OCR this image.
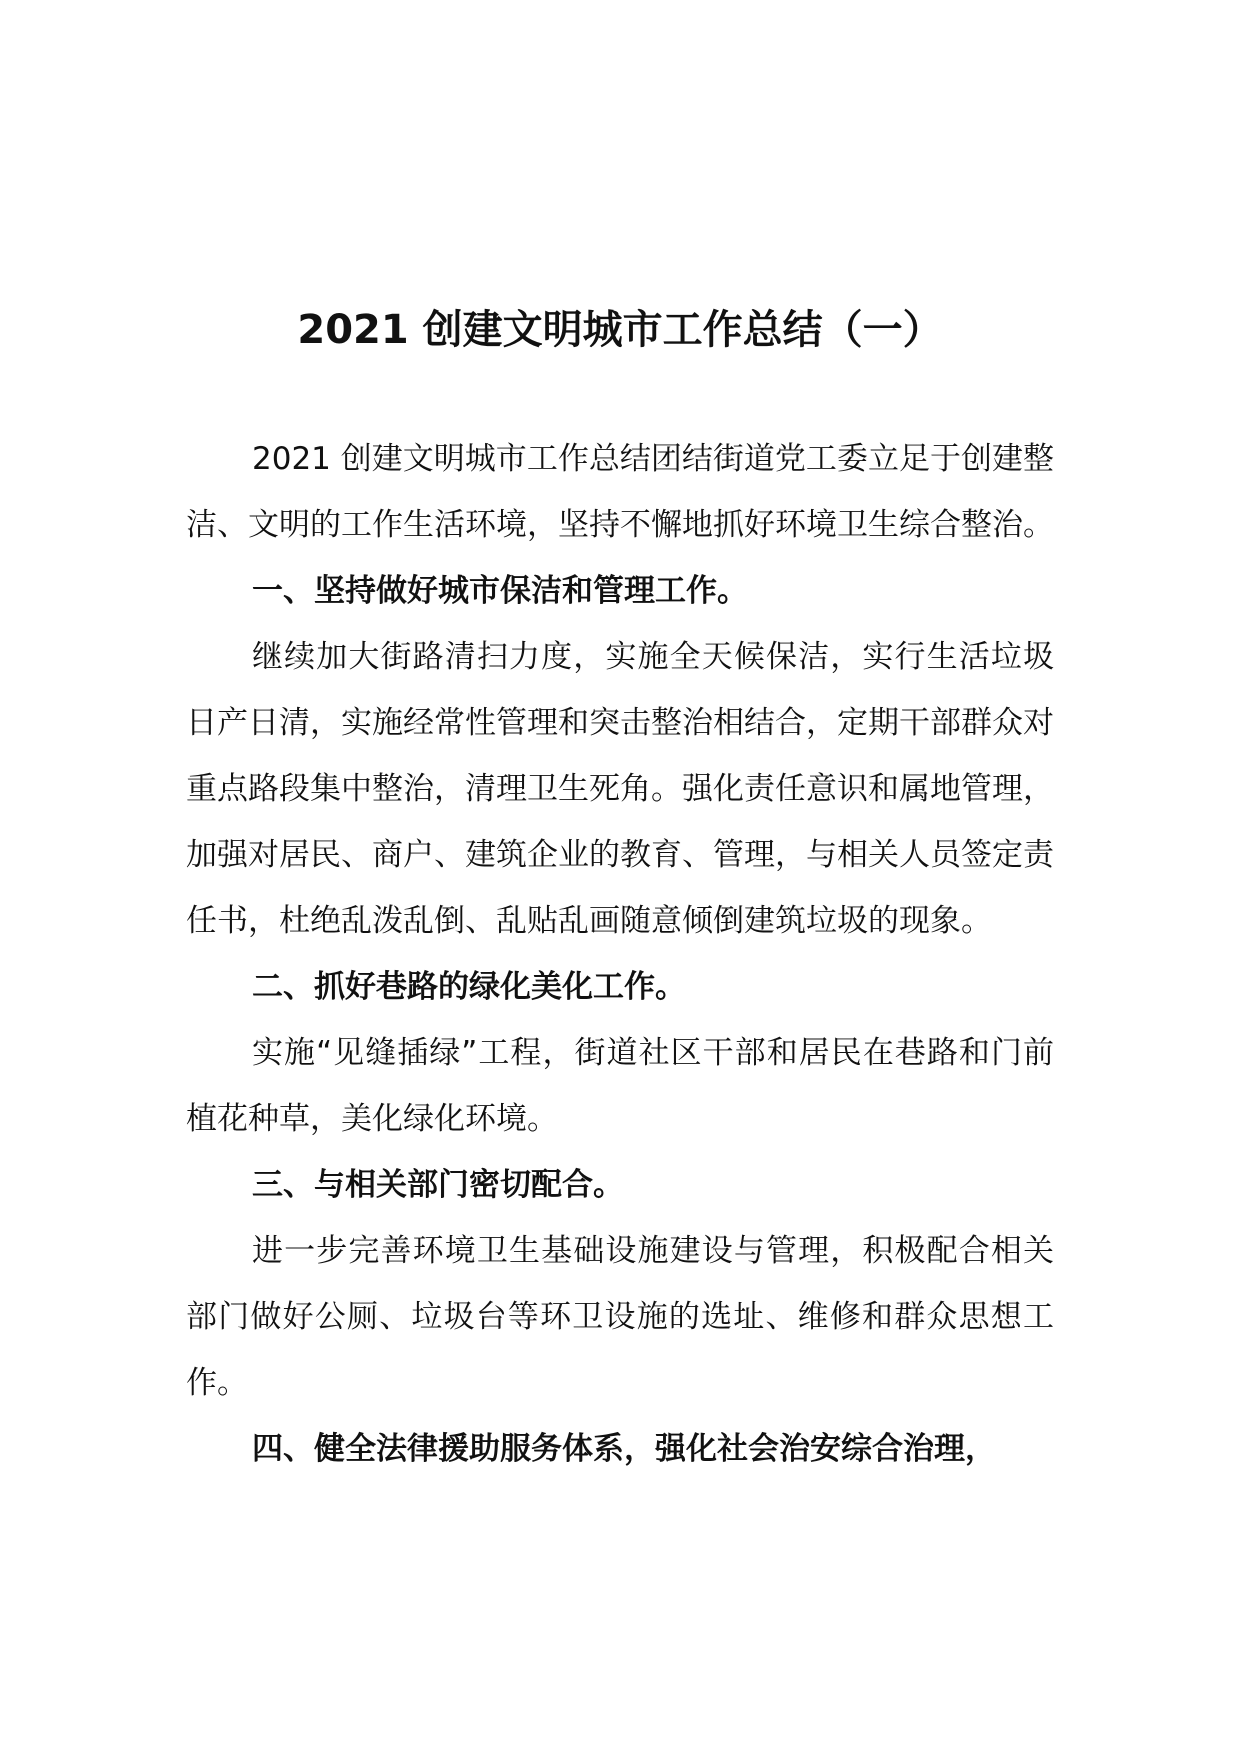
2021 创建文明城市工作总结（一）

2021 创建文明城市工作总结团结街道党工委立足于创建整洁、文明的工作生活环境，坚持不懈地抓好环境卫生综合整治。

一、坚持做好城市保洁和管理工作。

继续加大街路清扫力度，实施全天候保洁，实行生活垃圾日产日清，实施经常性管理和突击整治相结合，定期干部群众对重点路段集中整治，清理卫生死角。强化责任意识和属地管理，加强对居民、商户、建筑企业的教育、管理，与相关人员签定责任书，杜绝乱泼乱倒、乱贴乱画随意倾倒建筑垃圾的现象。

二、抓好巷路的绿化美化工作。

实施“见缝插绿”工程，街道社区干部和居民在巷路和门前植花种草，美化绿化环境。

三、与相关部门密切配合。

进一步完善环境卫生基础设施建设与管理，积极配合相关部门做好公厕、垃圾台等环卫设施的选址、维修和群众思想工作。

四、健全法律援助服务体系，强化社会治安综合治理，
